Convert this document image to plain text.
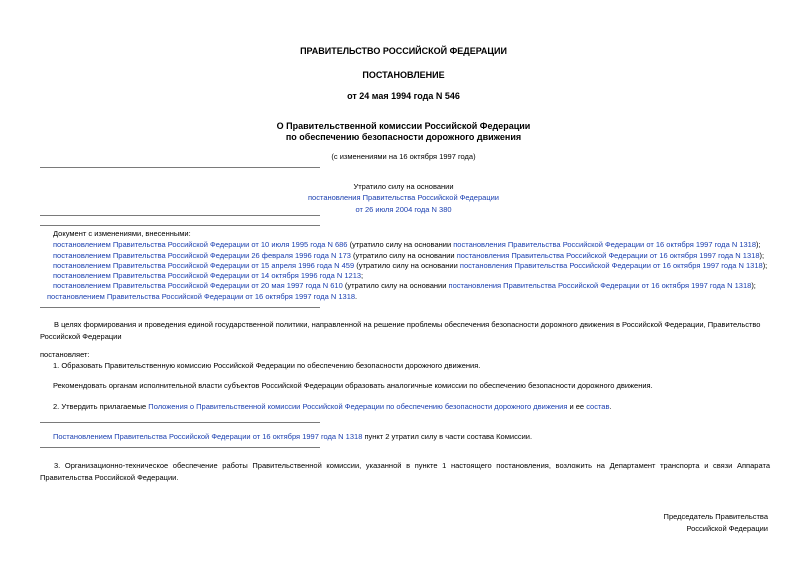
ПРАВИТЕЛЬСТВО РОССИЙСКОЙ ФЕДЕРАЦИИ
ПОСТАНОВЛЕНИЕ
от 24 мая 1994 года N 546
О Правительственной комиссии Российской Федерации
по обеспечению безопасности дорожного движения
(с изменениями на 16 октября 1997 года)
Утратило силу на основании
постановления Правительства Российской Федерации
от 26 июля 2004 года N 380
Документ с изменениями, внесенными:
постановлением Правительства Российской Федерации от 10 июля 1995 года N 686 (утратило силу на основании постановления Правительства Российской Федерации от 16 октября 1997 года N 1318);
постановлением Правительства Российской Федерации 26 февраля 1996 года N 173 (утратило силу на основании постановления Правительства Российской Федерации от 16 октября 1997 года N 1318);
постановлением Правительства Российской Федерации от 15 апреля 1996 года N 459 (утратило силу на основании постановления Правительства Российской Федерации от 16 октября 1997 года N 1318);
постановлением Правительства Российской Федерации от 14 октября 1996 года N 1213;
постановлением Правительства Российской Федерации от 20 мая 1997 года N 610 (утратило силу на основании постановления Правительства Российской Федерации от 16 октября 1997 года N 1318);
постановлением Правительства Российской Федерации от 16 октября 1997 года N 1318.
В целях формирования и проведения единой государственной политики, направленной на решение проблемы обеспечения безопасности дорожного движения в Российской Федерации, Правительство Российской Федерации
постановляет:
1. Образовать Правительственную комиссию Российской Федерации по обеспечению безопасности дорожного движения.
Рекомендовать органам исполнительной власти субъектов Российской Федерации образовать аналогичные комиссии по обеспечению безопасности дорожного движения.
2. Утвердить прилагаемые Положения о Правительственной комиссии Российской Федерации по обеспечению безопасности дорожного движения и ее состав.
Постановлением Правительства Российской Федерации от 16 октября 1997 года N 1318 пункт 2 утратил силу в части состава Комиссии.
3. Организационно-техническое обеспечение работы Правительственной комиссии, указанной в пункте 1 настоящего постановления, возложить на Департамент транспорта и связи Аппарата Правительства Российской Федерации.
Председатель Правительства
Российской Федерации
